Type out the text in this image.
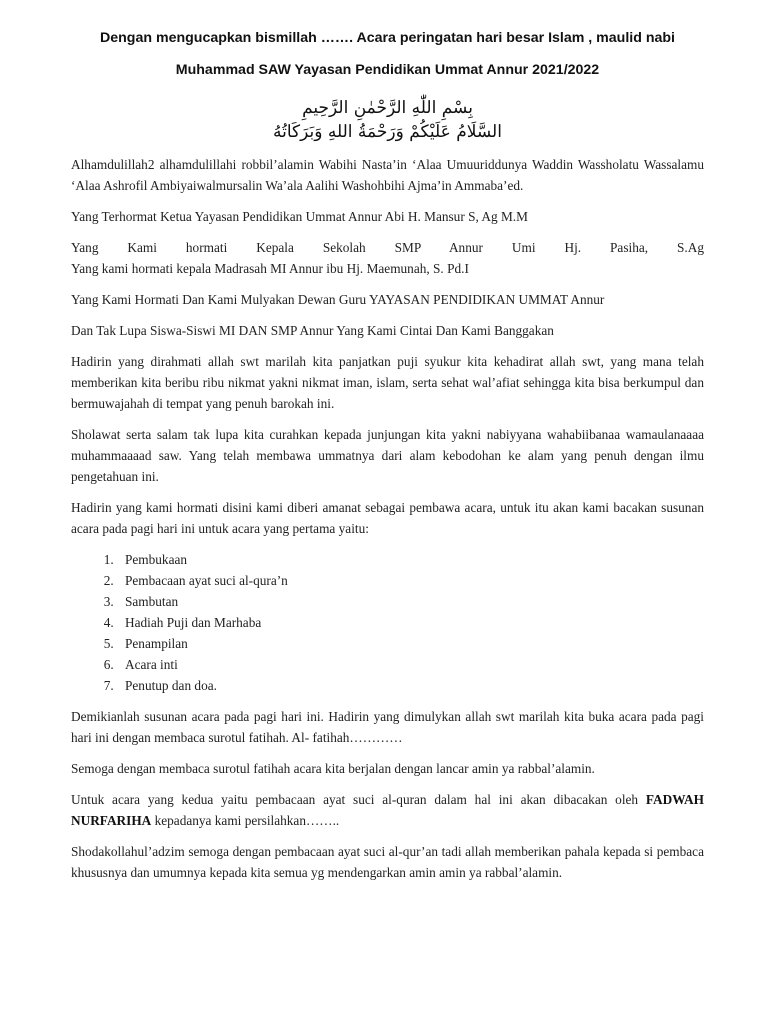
Dengan mengucapkan bismillah ……. Acara peringatan hari besar Islam , maulid nabi
Muhammad SAW Yayasan Pendidikan Ummat Annur 2021/2022
بِسْمِ اللّٰهِ الرَّحْمٰنِ الرَّحِيمِ
السَّلَامُ عَلَيْكُمْ وَرَحْمَةُ اللهِ وَبَرَكَاتُهُ

Alhamdulillah2 alhamdulillahi robbil’alamin Wabihi Nasta’in ‘Alaa Umuuriddunya Waddin Wassholatu Wassalamu ‘Alaa Ashrofil Ambiyaiwalmursalin Wa’ala Aalihi Washohbihi Ajma’in Ammaba’ed.

Yang Terhormat Ketua Yayasan Pendidikan Ummat Annur Abi H. Mansur S, Ag M.M

Yang Kami hormati Kepala Sekolah SMP Annur Umi Hj. Pasiha, S.Ag

Yang kami hormati kepala Madrasah MI Annur ibu Hj. Maemunah, S. Pd.I

Yang Kami Hormati Dan Kami Mulyakan Dewan Guru YAYASAN PENDIDIKAN UMMAT Annur

Dan Tak Lupa Siswa-Siswi MI DAN SMP Annur Yang Kami Cintai Dan Kami Banggakan

Hadirin yang dirahmati allah swt marilah kita panjatkan puji syukur kita kehadirat allah swt, yang mana telah memberikan kita beribu ribu nikmat yakni nikmat iman, islam, serta sehat wal’afiat sehingga kita bisa berkumpul dan bermuwajahah di tempat yang penuh barokah ini.

Sholawat serta salam tak lupa kita curahkan kepada junjungan kita yakni nabiyyana wahabiibanaa wamaulanaaaa muhammaaaad saw. Yang telah membawa ummatnya dari alam kebodohan ke alam yang penuh dengan ilmu pengetahuan ini.

Hadirin yang kami hormati disini kami diberi amanat sebagai pembawa acara, untuk itu akan kami bacakan susunan acara pada pagi hari ini untuk acara yang pertama yaitu:

1. Pembukaan
2. Pembacaan ayat suci al-qura’n
3. Sambutan
4. Hadiah Puji dan Marhaba
5. Penampilan
6. Acara inti
7. Penutup dan doa.

Demikianlah susunan acara pada pagi hari ini. Hadirin yang dimulykan allah swt marilah kita buka acara pada pagi hari ini dengan membaca surotul fatihah. Al- fatihah…………

Semoga dengan membaca surotul fatihah acara kita berjalan dengan lancar amin ya rabbal’alamin.

Untuk acara yang kedua yaitu pembacaan ayat suci al-quran dalam hal ini akan dibacakan oleh FADWAH NURFARIHA kepadanya kami persilahkan……..

Shodakollahul’adzim semoga dengan pembacaan ayat suci al-qur’an tadi allah memberikan pahala kepada si pembaca khususnya dan umumnya kepada kita semua yg mendengarkan amin amin ya rabbal’alamin.
